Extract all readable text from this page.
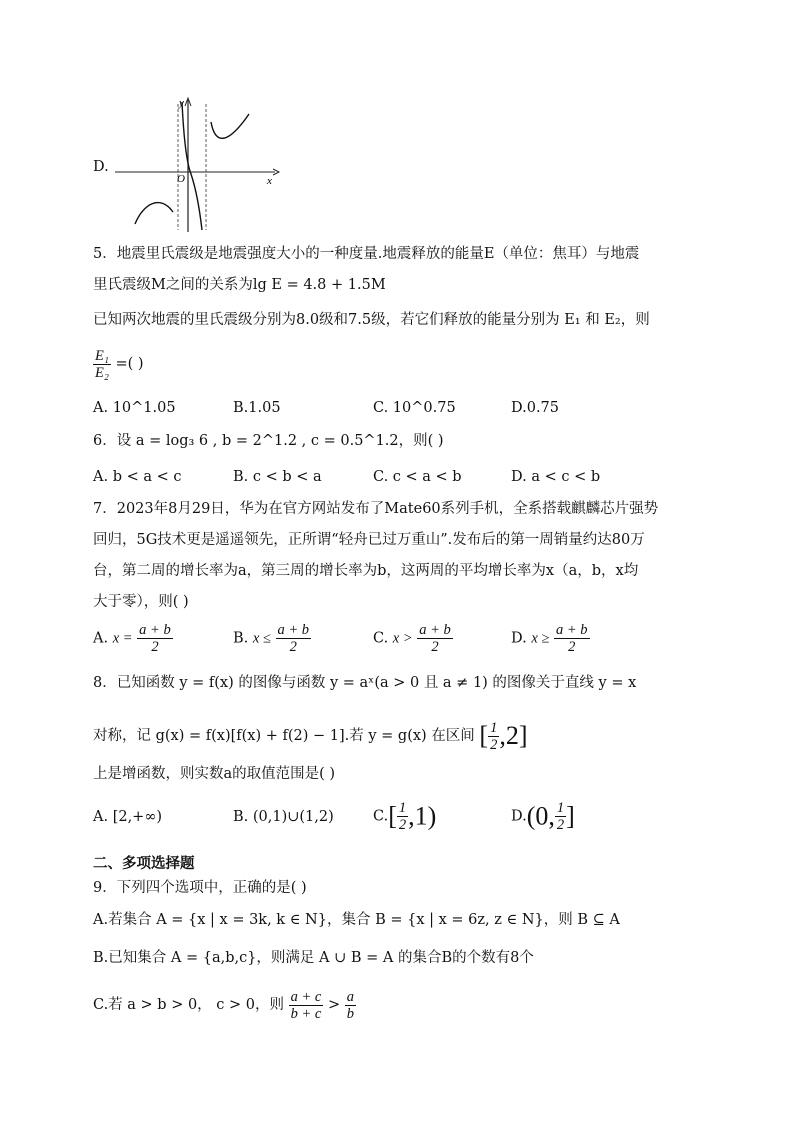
D.
y
x
O
5．地震里氏震级是地震强度大小的一种度量.地震释放的能量E（单位：焦耳）与地震
里氏震级M之间的关系为lg E = 4.8 + 1.5M
已知两次地震的里氏震级分别为8.0级和7.5级，若它们释放的能量分别为 E₁ 和 E₂，则
$\frac{\text{E₁}}{\text{E₂}}$ =( )
A. 10^1.05	B.1.05	C. 10^0.75	D.0.75
6．设 a = log₃ 6 , b = 2^1.2 , c = 0.5^1.2，则( )
A. b < a < c	B. c < b < a	C. c < a < b	D. a < c < b
7．2023年8月29日，华为在官方网站发布了Mate60系列手机，全系搭载麒麟芯片强势
回归，5G技术更是遥遥领先，正所谓“轻舟已过万重山”.发布后的第一周销量约达80万
台，第二周的增长率为a，第三周的增长率为b，这两周的平均增长率为x（a，b，x均
大于零），则( )
A. $x = \frac{a + b}{2}$	B. $x \le \frac{a + b}{2}$	C. $x > \frac{a + b}{2}$	D. $x \ge \frac{a + b}{2}$
8．已知函数 y = f(x) 的图像与函数 y = aˣ(a > 0 且 a ≠ 1) 的图像关于直线 y = x
对称，记 g(x) = f(x)[f(x) + f(2) − 1].若 y = g(x) 在区间 [ $\frac{1}{2} ,2$]
上是增函数，则实数a的取值范围是( )
A. [2,+∞)	B. (0,1)∪(1,2)	$C.[ \frac{1}{2} ,1)$	D.(0, $\frac{1}{2}$ ]
二、多项选择题
9．下列四个选项中，正确的是( )
A.若集合 A = {x | x = 3k, k ∈ N}，集合 B = {x | x = 6z, z ∈ N}，则 B ⊆ A
B.已知集合 A = {a,b,c}，则满足 A ∪ B = A 的集合B的个数有8个
C.若 a > b > 0， c > 0，则 $\frac{a + c}{b + c} > \frac{a}{b}$
